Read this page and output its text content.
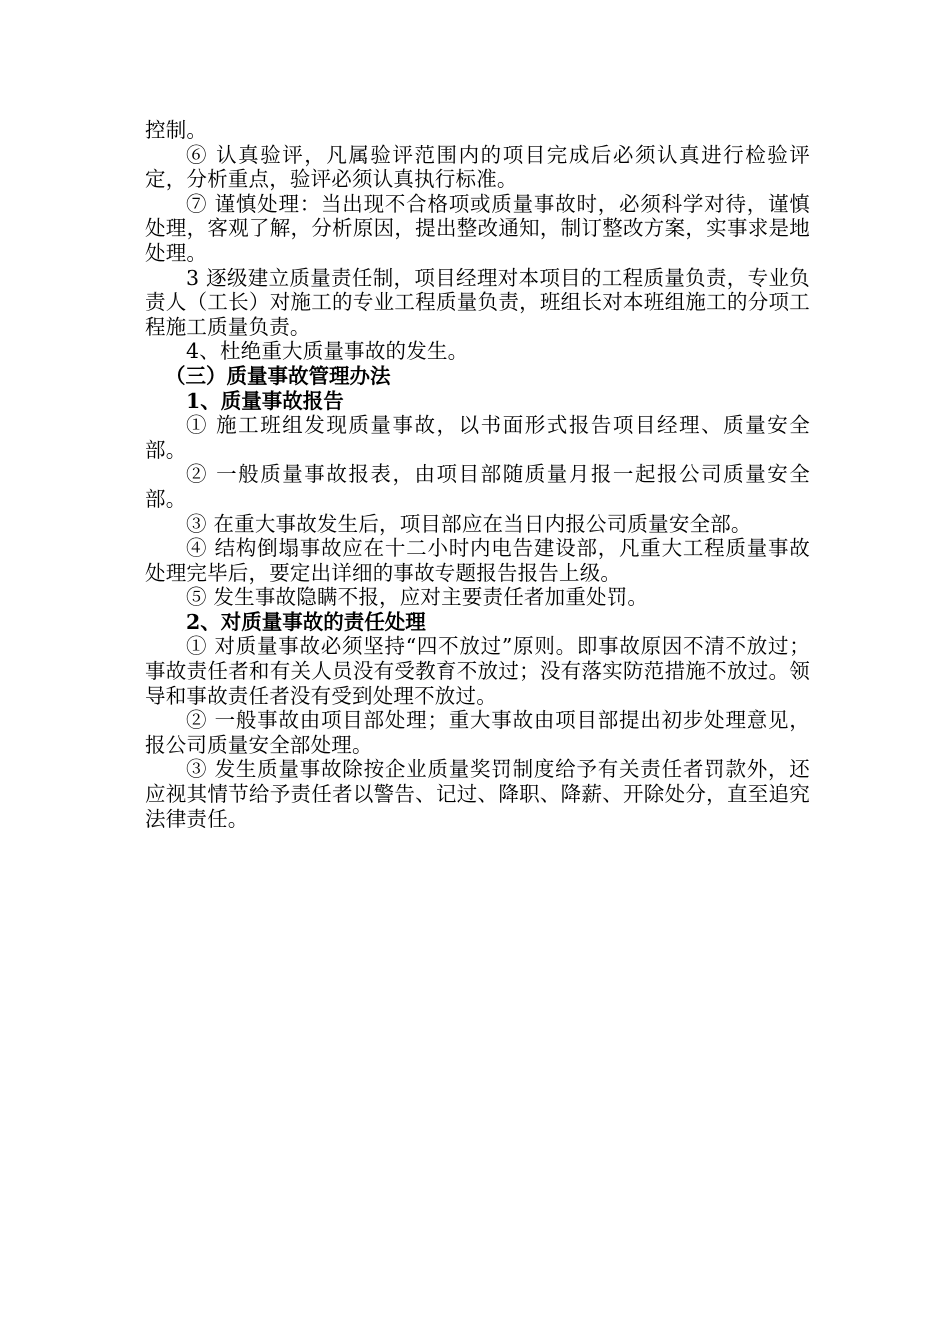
控制。

⑥ 认真验评，凡属验评范围内的项目完成后必须认真进行检验评定，分析重点，验评必须认真执行标准。

⑦ 谨慎处理：当出现不合格项或质量事故时，必须科学对待，谨慎处理，客观了解，分析原因，提出整改通知，制订整改方案，实事求是地处理。

3 逐级建立质量责任制，项目经理对本项目的工程质量负责，专业负责人（工长）对施工的专业工程质量负责，班组长对本班组施工的分项工程施工质量负责。

4、杜绝重大质量事故的发生。

（三）质量事故管理办法

1、质量事故报告

① 施工班组发现质量事故，以书面形式报告项目经理、质量安全部。

② 一般质量事故报表，由项目部随质量月报一起报公司质量安全部。

③ 在重大事故发生后，项目部应在当日内报公司质量安全部。

④ 结构倒塌事故应在十二小时内电告建设部，凡重大工程质量事故处理完毕后，要定出详细的事故专题报告报告上级。

⑤ 发生事故隐瞒不报，应对主要责任者加重处罚。

2、对质量事故的责任处理

① 对质量事故必须坚持“四不放过”原则。即事故原因不清不放过；事故责任者和有关人员没有受教育不放过；没有落实防范措施不放过。领导和事故责任者没有受到处理不放过。

② 一般事故由项目部处理；重大事故由项目部提出初步处理意见，报公司质量安全部处理。

③ 发生质量事故除按企业质量奖罚制度给予有关责任者罚款外，还应视其情节给予责任者以警告、记过、降职、降薪、开除处分，直至追究法律责任。
